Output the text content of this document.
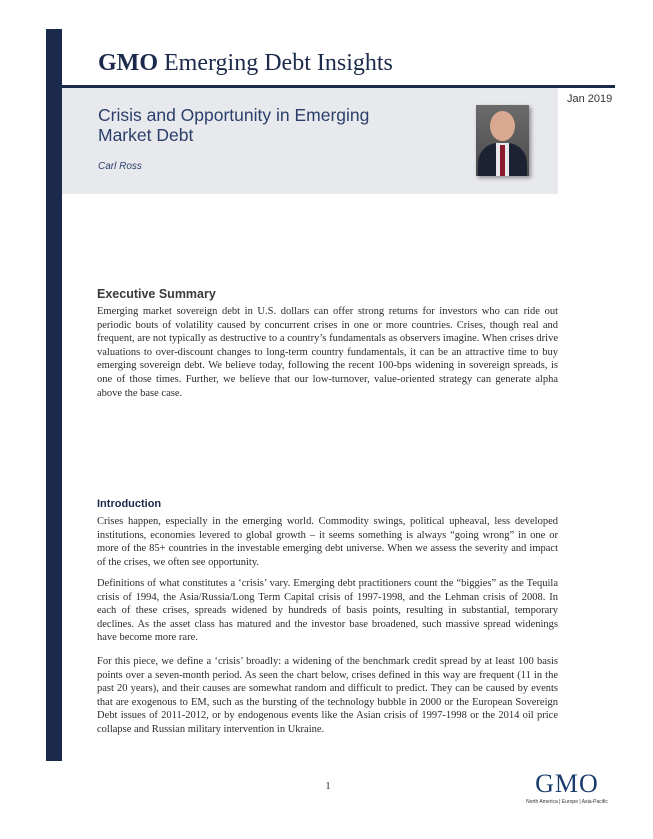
GMO Emerging Debt Insights
Crisis and Opportunity in Emerging Market Debt
Carl Ross
Jan 2019
Executive Summary

Emerging market sovereign debt in U.S. dollars can offer strong returns for investors who can ride out periodic bouts of volatility caused by concurrent crises in one or more countries. Crises, though real and frequent, are not typically as destructive to a country’s fundamentals as observers imagine. When crises drive valuations to over-discount changes to long-term country fundamentals, it can be an attractive time to buy emerging sovereign debt. We believe today, following the recent 100-bps widening in sovereign spreads, is one of those times. Further, we believe that our low-turnover, value-oriented strategy can generate alpha above the base case.

Introduction

Crises happen, especially in the emerging world. Commodity swings, political upheaval, less developed institutions, economies levered to global growth – it seems something is always “going wrong” in one or more of the 85+ countries in the investable emerging debt universe. When we assess the severity and impact of the crises, we often see opportunity.

Definitions of what constitutes a ‘crisis’ vary. Emerging debt practitioners count the “biggies” as the Tequila crisis of 1994, the Asia/Russia/Long Term Capital crisis of 1997-1998, and the Lehman crisis of 2008. In each of these crises, spreads widened by hundreds of basis points, resulting in substantial, temporary declines. As the asset class has matured and the investor base broadened, such massive spread widenings have become more rare.

For this piece, we define a ‘crisis’ broadly: a widening of the benchmark credit spread by at least 100 basis points over a seven-month period. As seen the chart below, crises defined in this way are frequent (11 in the past 20 years), and their causes are somewhat random and difficult to predict. They can be caused by events that are exogenous to EM, such as the bursting of the technology bubble in 2000 or the European Sovereign Debt issues of 2011-2012, or by endogenous events like the Asian crisis of 1997-1998 or the 2014 oil price collapse and Russian military intervention in Ukraine.

1	GMO
North America | Europe | Asia-Pacific
